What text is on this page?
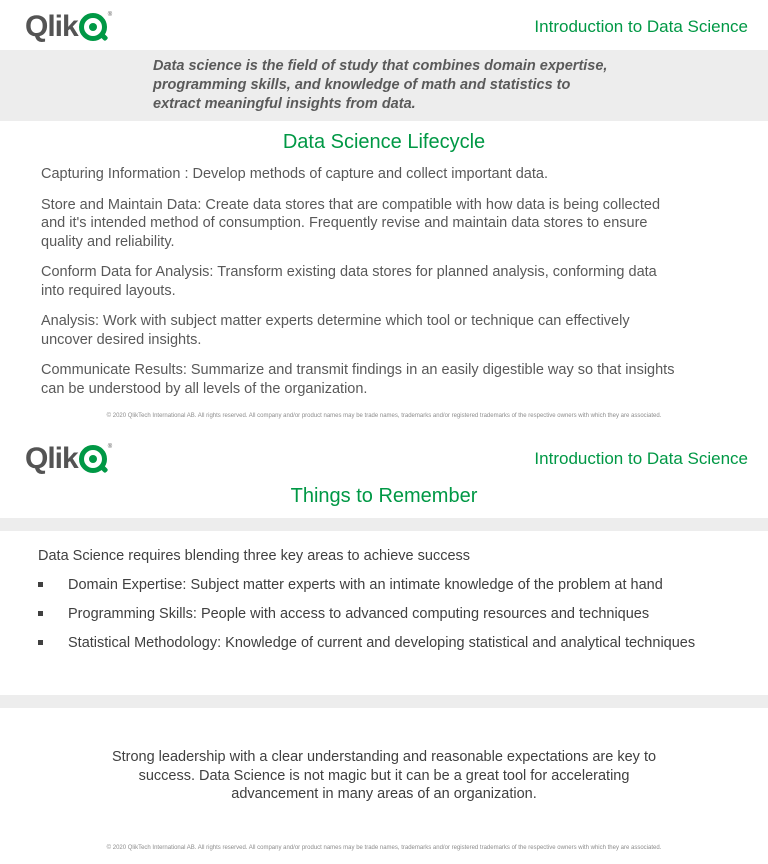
Qlik	®
Introduction to Data Science
Data science is the field of study that combines domain expertise, programming skills, and knowledge of math and statistics to extract meaningful insights from data.
Data Science Lifecycle

Capturing Information : Develop methods of capture and collect important data.

Store and Maintain Data: Create data stores that are compatible with how data is being collected and it's intended method of consumption. Frequently revise and maintain data stores to ensure quality and reliability.

Conform Data for Analysis: Transform existing data stores for planned analysis, conforming data into required layouts.

Analysis: Work with subject matter experts determine which tool or technique can effectively uncover desired insights.

Communicate Results: Summarize and transmit findings in an easily digestible way so that insights can be understood by all levels of the organization.

© 2020 QlikTech International AB. All rights reserved. All company and/or product names may be trade names, trademarks and/or registered trademarks of the respective owners with which they are associated.
Qlik	®
Introduction to Data Science
Things to Remember
Data Science requires blending three key areas to achieve success
Domain Expertise: Subject matter experts with an intimate knowledge of the problem at hand
Programming Skills: People with access to advanced computing resources and techniques
Statistical Methodology: Knowledge of current and developing statistical and analytical techniques
Strong leadership with a clear understanding and reasonable expectations are key to success. Data Science is not magic but it can be a great tool for accelerating advancement in many areas of an organization.
© 2020 QlikTech International AB. All rights reserved. All company and/or product names may be trade names, trademarks and/or registered trademarks of the respective owners with which they are associated.
